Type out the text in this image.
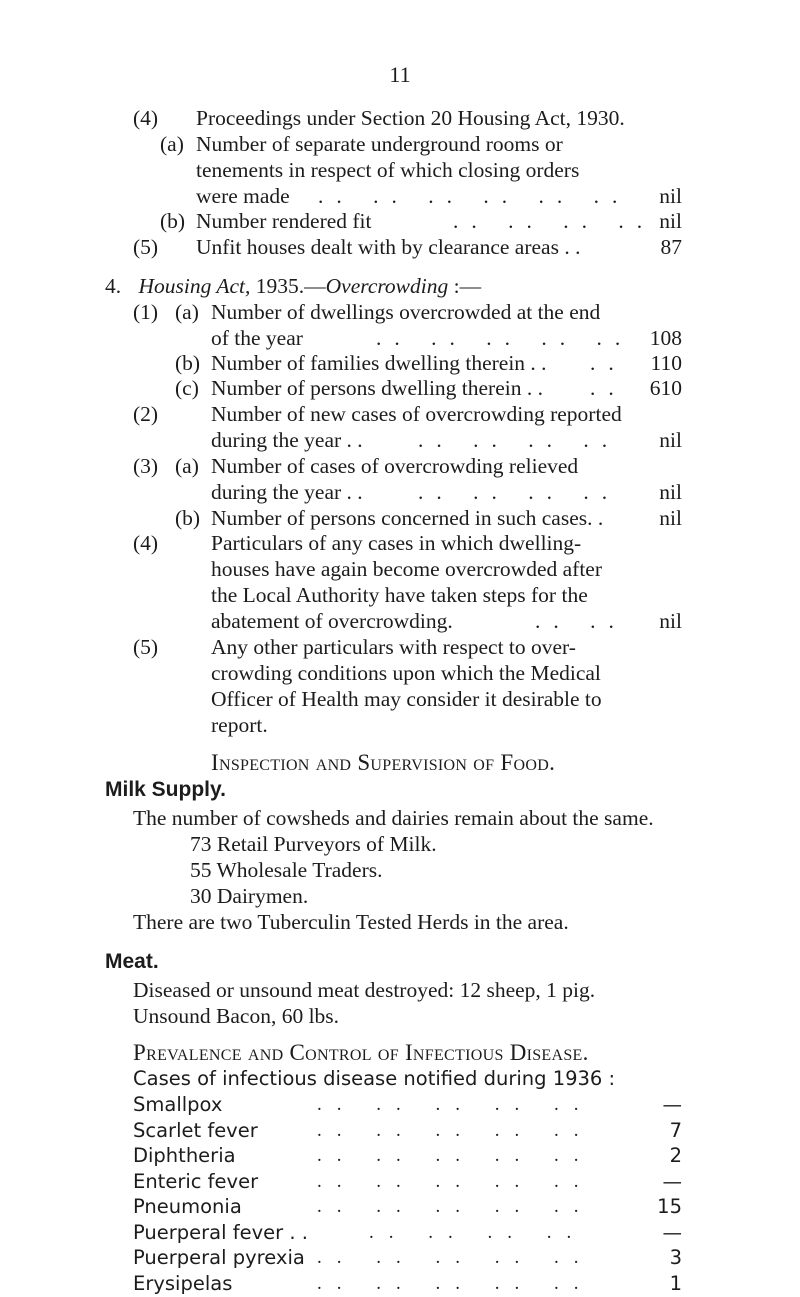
11
(4) Proceedings under Section 20 Housing Act, 1930.
(a) Number of separate underground rooms or
tenements in respect of which closing orders
were made .. .. .. .. .. ..	nil
(b) Number rendered fit	.. .. .. .. nil
(5) Unfit houses dealt with by clearance areas . .	87
4. Housing Act, 1935.—Overcrowding :—
(1) (a) Number of dwellings overcrowded at the end
of the year	.. .. .. .. .. 108
(b) Number of families dwelling therein . . ..	110
(c) Number of persons dwelling therein . . ..	610
(2) Number of new cases of overcrowding reported
during the year . .	.. .. .. ..	nil
(3) (a) Number of cases of overcrowding relieved
during the year . .	.. .. .. ..	nil
(b) Number of persons concerned in such cases. .	nil
(4) Particulars of any cases in which dwelling-
houses have again become overcrowded after
the Local Authority have taken steps for the
abatement of overcrowding.	.. ..	nil
(5) Any other particulars with respect to over-
crowding conditions upon which the Medical
Officer of Health may consider it desirable to
report.
Inspection and Supervision of Food.
Milk Supply.
The number of cowsheds and dairies remain about the same.
73 Retail Purveyors of Milk.
55 Wholesale Traders.
30 Dairymen.
There are two Tuberculin Tested Herds in the area.
Meat.
Diseased or unsound meat destroyed: 12 sheep, 1 pig.
Unsound Bacon, 60 lbs.
Prevalence and Control of Infectious Disease.
Cases of infectious disease notified during 1936 :
Smallpox	.. .. .. .. ..	—
Scarlet fever	.. .. .. .. ..	7
Diphtheria	.. .. .. .. ..	2
Enteric fever	.. .. .. .. ..	—
Pneumonia	.. .. .. .. ..	15
Puerperal fever . .	.. .. .. ..	—
Puerperal pyrexia .. .. .. .. ..	3
Erysipelas	.. .. .. .. ..	1
